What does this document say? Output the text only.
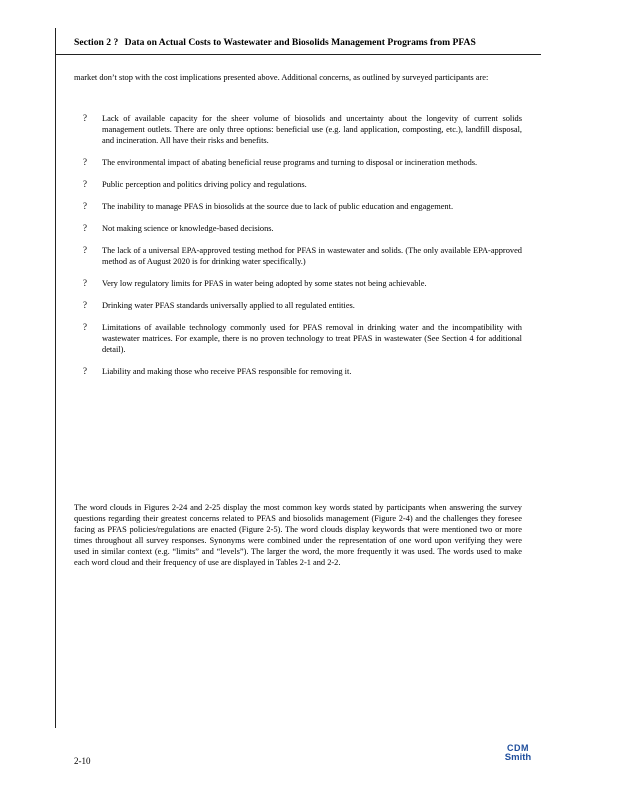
Section 2 ? Data on Actual Costs to Wastewater and Biosolids Management Programs from PFAS

market don’t stop with the cost implications presented above. Additional concerns, as outlined by surveyed participants are:

? Lack of available capacity for the sheer volume of biosolids and uncertainty about the longevity of current solids management outlets. There are only three options: beneficial use (e.g. land application, composting, etc.), landfill disposal, and incineration. All have their risks and benefits.
? The environmental impact of abating beneficial reuse programs and turning to disposal or incineration methods.
? Public perception and politics driving policy and regulations.
? The inability to manage PFAS in biosolids at the source due to lack of public education and engagement.
? Not making science or knowledge-based decisions.
? The lack of a universal EPA-approved testing method for PFAS in wastewater and solids. (The only available EPA-approved method as of August 2020 is for drinking water specifically.)
? Very low regulatory limits for PFAS in water being adopted by some states not being achievable.
? Drinking water PFAS standards universally applied to all regulated entities.
? Limitations of available technology commonly used for PFAS removal in drinking water and the incompatibility with wastewater matrices. For example, there is no proven technology to treat PFAS in wastewater (See Section 4 for additional detail).
? Liability and making those who receive PFAS responsible for removing it.

The word clouds in Figures 2-24 and 2-25 display the most common key words stated by participants when answering the survey questions regarding their greatest concerns related to PFAS and biosolids management (Figure 2-4) and the challenges they foresee facing as PFAS policies/regulations are enacted (Figure 2-5). The word clouds display keywords that were mentioned two or more times throughout all survey responses. Synonyms were combined under the representation of one word upon verifying they were used in similar context (e.g. “limits” and “levels”). The larger the word, the more frequently it was used. The words used to make each word cloud and their frequency of use are displayed in Tables 2-1 and 2-2.

2-10
CDM
Smith
